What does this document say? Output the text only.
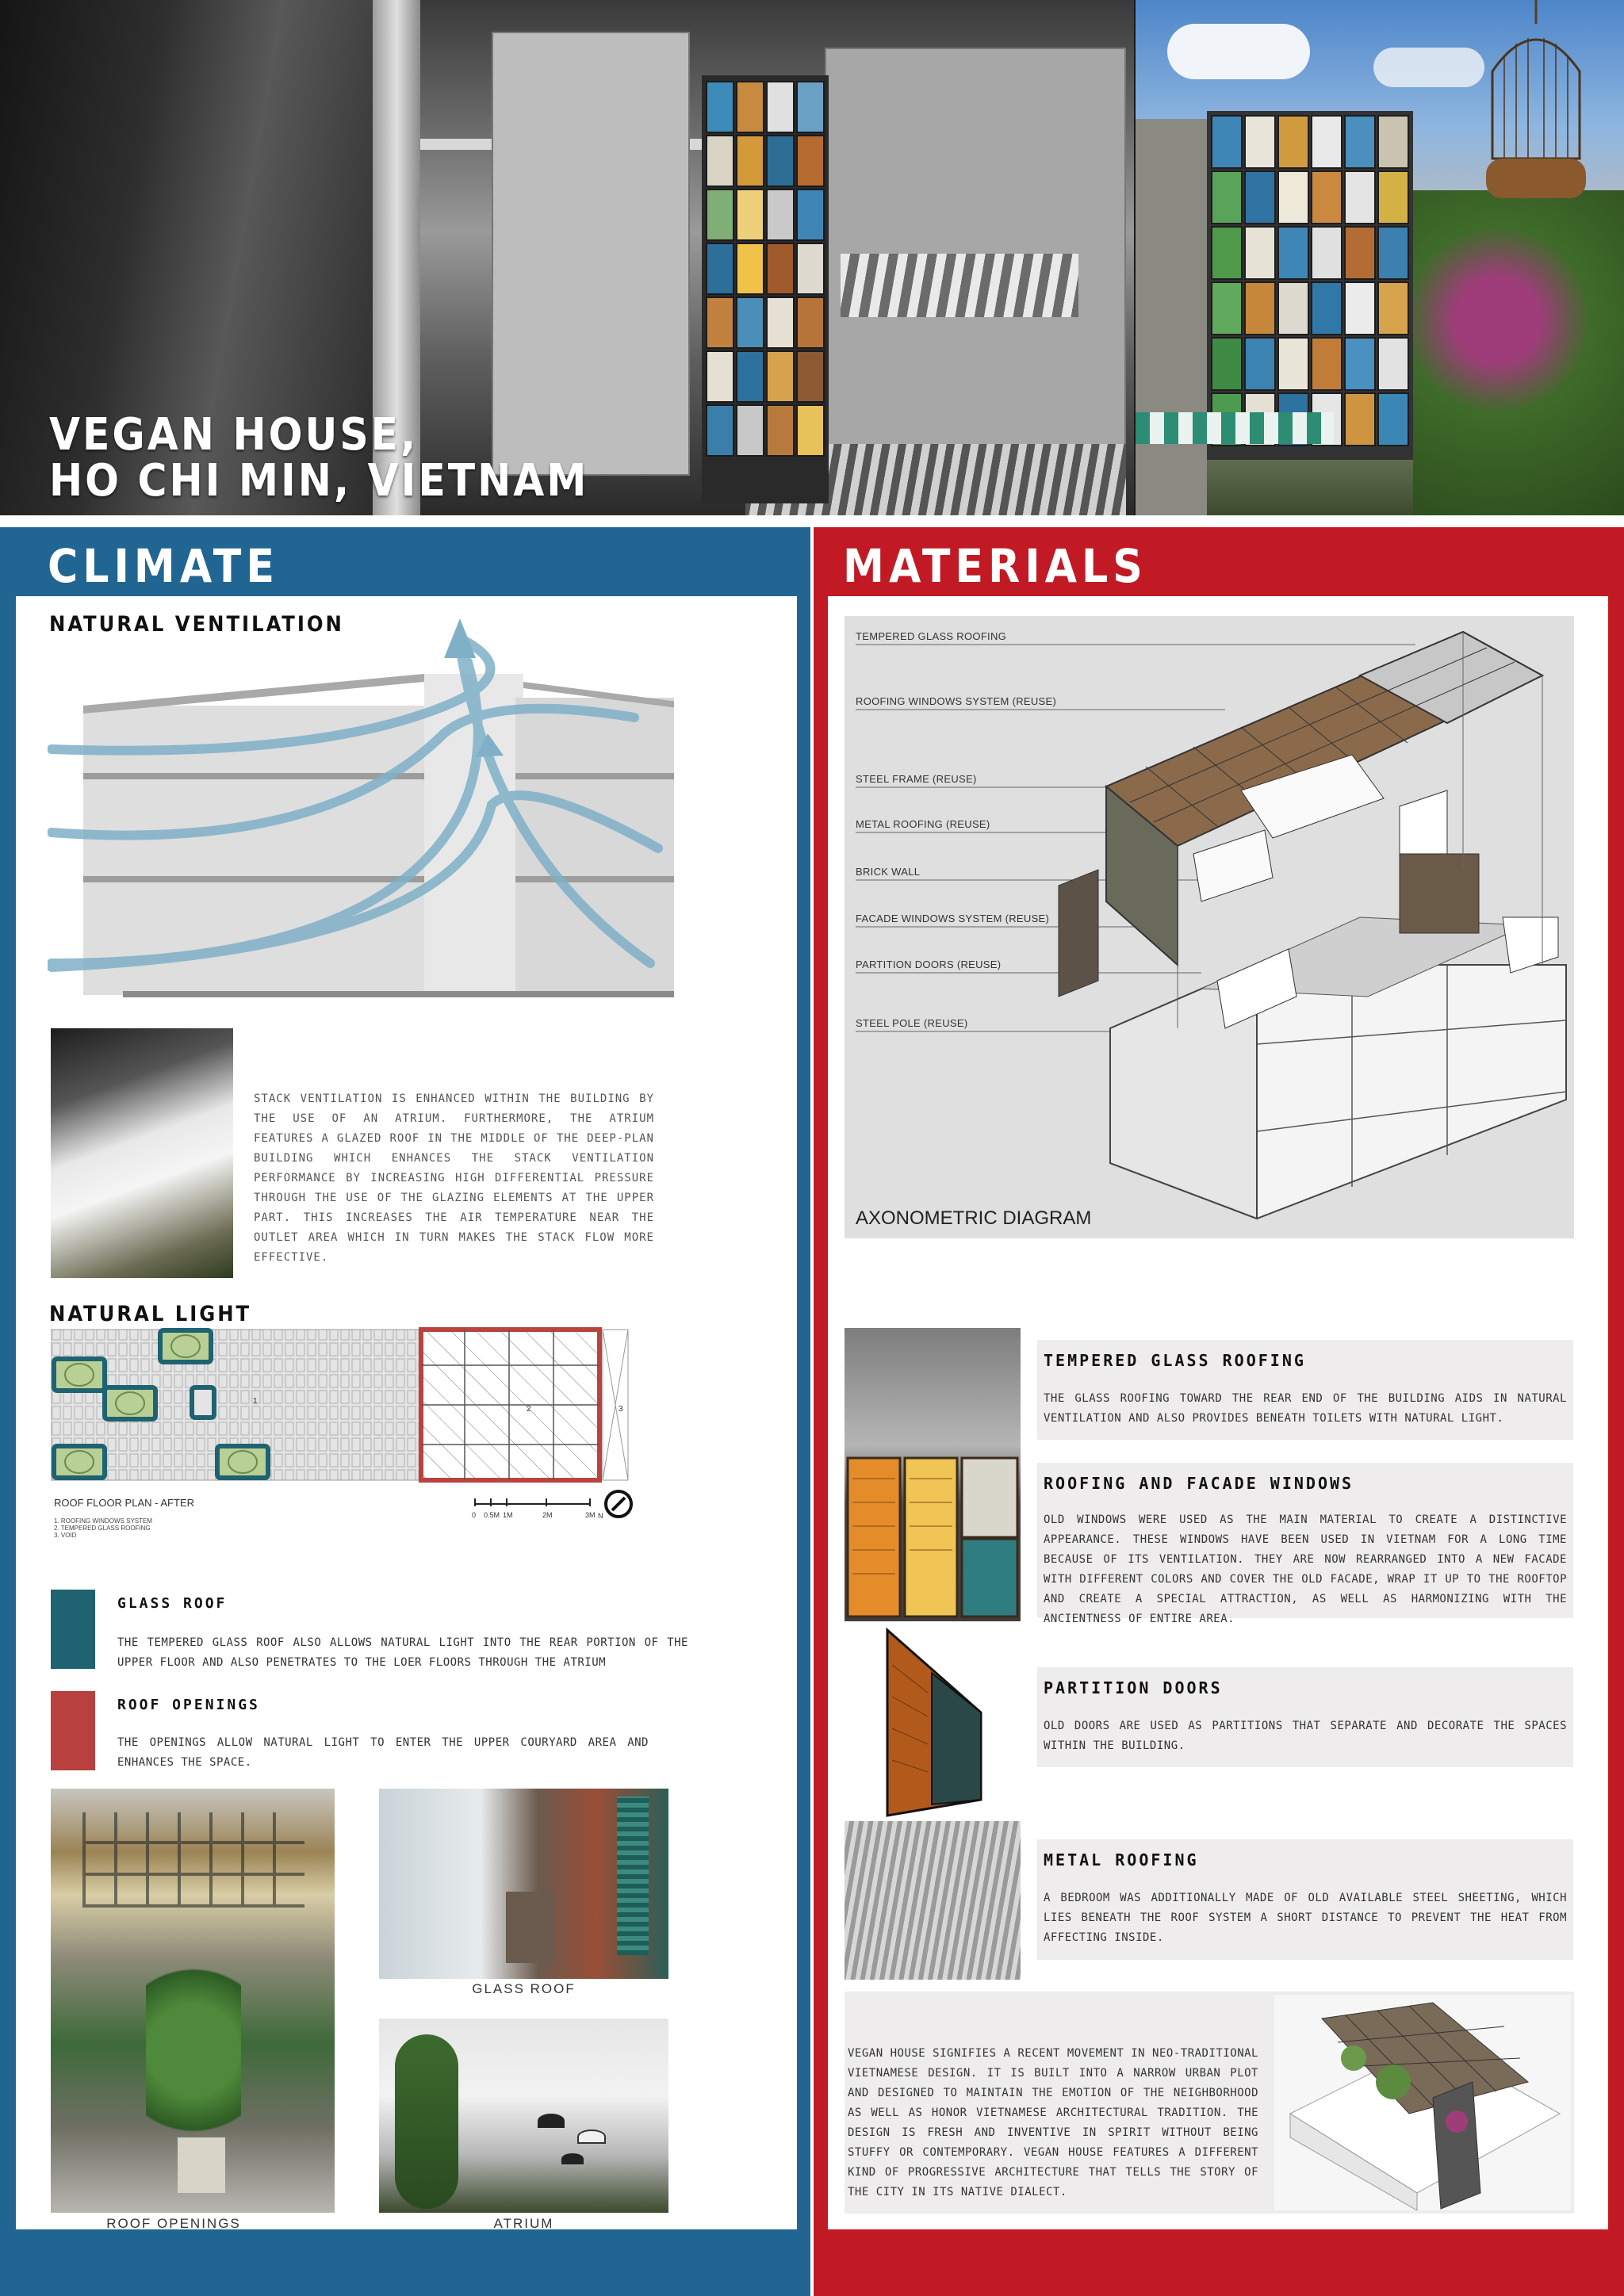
VEGAN HOUSE,
HO CHI MIN, VIETNAM
CLIMATE
NATURAL VENTILATION
STACK VENTILATION IS ENHANCED WITHIN THE BUILDING BY THE USE OF AN ATRIUM. FURTHERMORE, THE ATRIUM FEATURES A GLAZED ROOF IN THE MIDDLE OF THE DEEP-PLAN BUILDING WHICH ENHANCES THE STACK VENTILATION PERFORMANCE BY INCREASING HIGH DIFFERENTIAL PRESSURE THROUGH THE USE OF THE GLAZING ELEMENTS AT THE UPPER PART. THIS INCREASES THE AIR TEMPERATURE NEAR THE OUTLET AREA WHICH IN TURN MAKES THE STACK FLOW MORE EFFECTIVE.
NATURAL LIGHT
1
2	3
0 0.5M 1M	2M	3M N
ROOF FLOOR PLAN - AFTER
1. ROOFING WINDOWS SYSTEM
2. TEMPERED GLASS ROOFING
3. VOID
GLASS ROOF
THE TEMPERED GLASS ROOF ALSO ALLOWS NATURAL LIGHT INTO THE REAR PORTION OF THE UPPER FLOOR AND ALSO PENETRATES TO THE LOER FLOORS THROUGH THE ATRIUM
ROOF OPENINGS
THE OPENINGS ALLOW NATURAL LIGHT TO ENTER THE UPPER COURYARD AREA AND ENHANCES THE SPACE.
GLASS ROOF
ROOF OPENINGS	ATRIUM
MATERIALS
TEMPERED GLASS ROOFING
ROOFING WINDOWS SYSTEM (REUSE)
STEEL FRAME (REUSE)
METAL ROOFING (REUSE)
BRICK WALL
FACADE WINDOWS SYSTEM (REUSE)
PARTITION DOORS (REUSE)
STEEL POLE (REUSE)
AXONOMETRIC DIAGRAM
TEMPERED GLASS ROOFING
THE GLASS ROOFING TOWARD THE REAR END OF THE BUILDING AIDS IN NATURAL VENTILATION AND ALSO PROVIDES BENEATH TOILETS WITH NATURAL LIGHT.
ROOFING AND FACADE WINDOWS
OLD WINDOWS WERE USED AS THE MAIN MATERIAL TO CREATE A DISTINCTIVE APPEARANCE. THESE WINDOWS HAVE BEEN USED IN VIETNAM FOR A LONG TIME BECAUSE OF ITS VENTILATION. THEY ARE NOW REARRANGED INTO A NEW FACADE WITH DIFFERENT COLORS AND COVER THE OLD FACADE, WRAP IT UP TO THE ROOFTOP AND CREATE A SPECIAL ATTRACTION, AS WELL AS HARMONIZING WITH THE ANCIENTNESS OF ENTIRE AREA.
PARTITION DOORS
OLD DOORS ARE USED AS PARTITIONS THAT SEPARATE AND DECORATE THE SPACES WITHIN THE BUILDING.
METAL ROOFING
A BEDROOM WAS ADDITIONALLY MADE OF OLD AVAILABLE STEEL SHEETING, WHICH LIES BENEATH THE ROOF SYSTEM A SHORT DISTANCE TO PREVENT THE HEAT FROM AFFECTING INSIDE.
VEGAN HOUSE SIGNIFIES A RECENT MOVEMENT IN NEO-TRADITIONAL VIETNAMESE DESIGN. IT IS BUILT INTO A NARROW URBAN PLOT AND DESIGNED TO MAINTAIN THE EMOTION OF THE NEIGHBORHOOD AS WELL AS HONOR VIETNAMESE ARCHITECTURAL TRADITION. THE DESIGN IS FRESH AND INVENTIVE IN SPIRIT WITHOUT BEING STUFFY OR CONTEMPORARY. VEGAN HOUSE FEATURES A DIFFERENT KIND OF PROGRESSIVE ARCHITECTURE THAT TELLS THE STORY OF THE CITY IN ITS NATIVE DIALECT.
